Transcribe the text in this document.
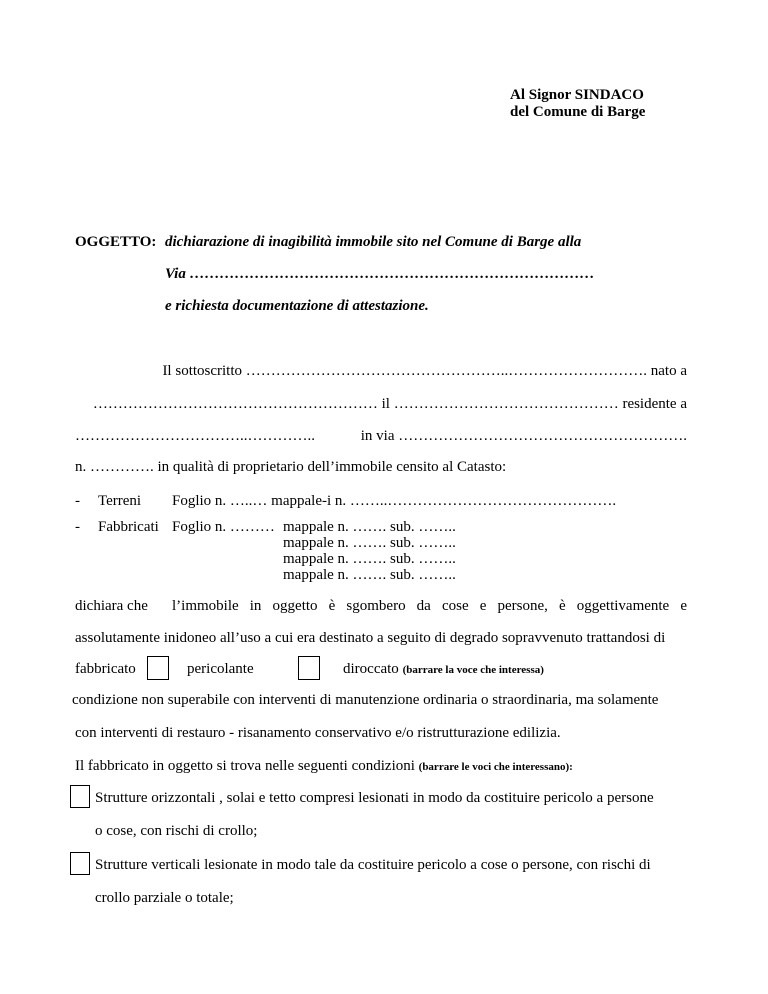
Al Signor SINDACO
del Comune di Barge
OGGETTO: dichiarazione di inagibilità immobile sito nel Comune di Barge alla
Via ………………………………………………………………………
e richiesta documentazione di attestazione.
Il sottoscritto ……………………………………………..………………………. nato a
………………………………………………… il ……………………………………… residente a
……………………………..…………..	in via ………………………………………………….
n. …………. in qualità di proprietario dell’immobile censito al Catasto:
- Terreni Foglio n. …..… mappale-i n. ……..……………………………………….
- Fabbricati Foglio n. ……… mappale n. ……. sub. ……..
mappale n. ……. sub. ……..
mappale n. ……. sub. ……..
mappale n. ……. sub. ……..
dichiara che l’immobile in oggetto è sgombero da cose e persone, è oggettivamente e
assolutamente inidoneo all’uso a cui era destinato a seguito di degrado sopravvenuto trattandosi di
fabbricato	pericolante	diroccato (barrare la voce che interessa)
condizione non superabile con interventi di manutenzione ordinaria o straordinaria, ma solamente
con interventi di restauro - risanamento conservativo e/o ristrutturazione edilizia.
Il fabbricato in oggetto si trova nelle seguenti condizioni (barrare le voci che interessano):
Strutture orizzontali , solai e tetto compresi lesionati in modo da costituire pericolo a persone
o cose, con rischi di crollo;
Strutture verticali lesionate in modo tale da costituire pericolo a cose o persone, con rischi di
crollo parziale o totale;
